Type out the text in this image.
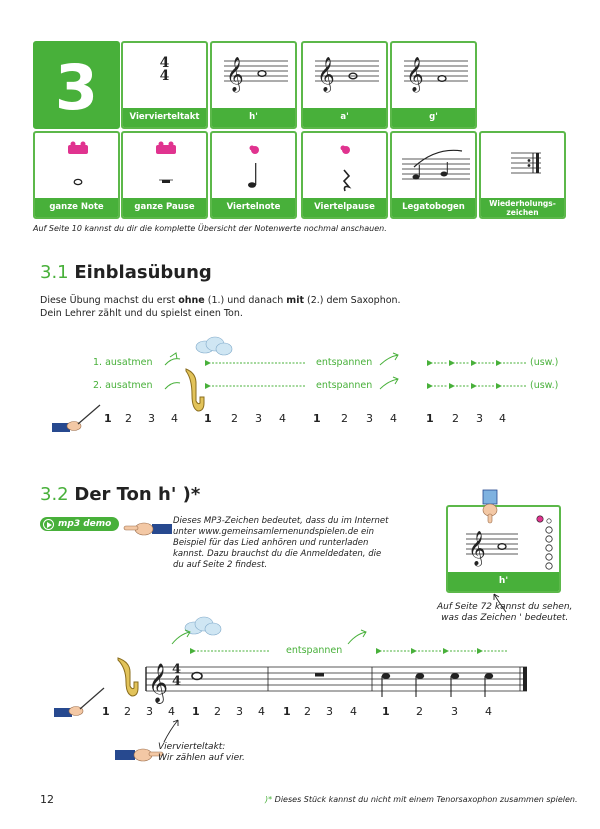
3	4
4
Viervierteltakt
𝄞
h'
𝄞
a'
𝄞
g'
ganze Note	ganze Pause	Viertelnote	Viertelpause	Legatobogen	Wiederholungs-
zeichen
Auf Seite 10 kannst du dir die komplette Übersicht der Notenwerte nochmal anschauen.
3.1 Einblasübung
Diese Übung machst du erst ohne (1.) und danach mit (2.) dem Saxophon.
Dein Lehrer zählt und du spielst einen Ton.
1. ausatmen
2. ausatmen
entspannen
entspannen
(usw.)
(usw.)
1 2 3 4 1 2 3 4 1 2 3 4	1 2 3 4
3.2 Der Ton h' )*
mp3 demo	Dieses MP3-Zeichen bedeutet, dass du im Internet
unter www.gemeinsamlernenundspielen.de ein
Beispiel für das Lied anhören und runterladen
kannst. Dazu brauchst du die Anmeldedaten, die
du auf Seite 2 findest.	𝄞
h'
Auf Seite 72 kannst du sehen,
was das Zeichen ' bedeutet.
𝄞 4
4
entspannen
1 2 3 4 1 2 3 4 1 2 3 4 1 2	3 4
Viervierteltakt:
Wir zählen auf vier.
12	)* Dieses Stück kannst du nicht mit einem Tenorsaxophon zusammen spielen.
